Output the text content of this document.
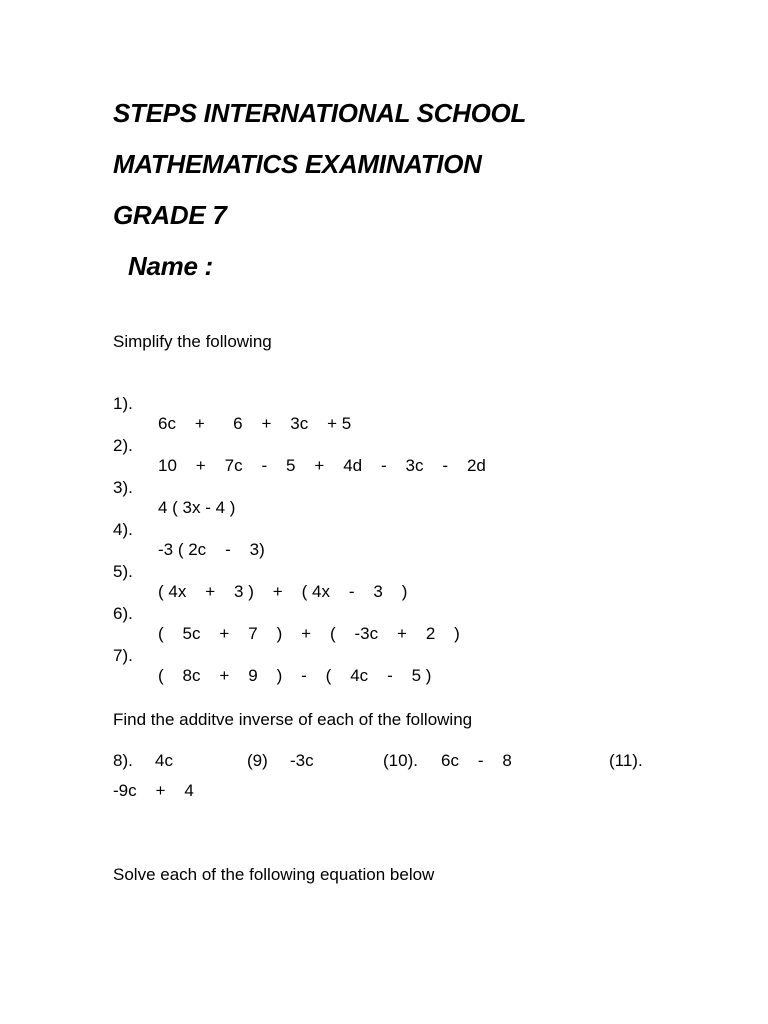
STEPS INTERNATIONAL SCHOOL
MATHEMATICS EXAMINATION
GRADE 7
Name :
Simplify the following

1).

6c    +      6    +    3c    + 5

2).

10    +    7c    -    5    +    4d    -    3c    -    2d

3).

4 ( 3x - 4 )

4).

-3 ( 2c    -    3)

5).

( 4x    +    3 )    +    ( 4x    -    3    )

6).

(    5c    +    7    )    +    (    -3c    +    2    )

7).

(    8c    +    9    )    -    (    4c    -    5 )

Find the additve inverse of each of the following
8). 4c	(9) -3c	(10). 6c    -    8	(11).
-9c    +    4
Solve each of the following equation below
